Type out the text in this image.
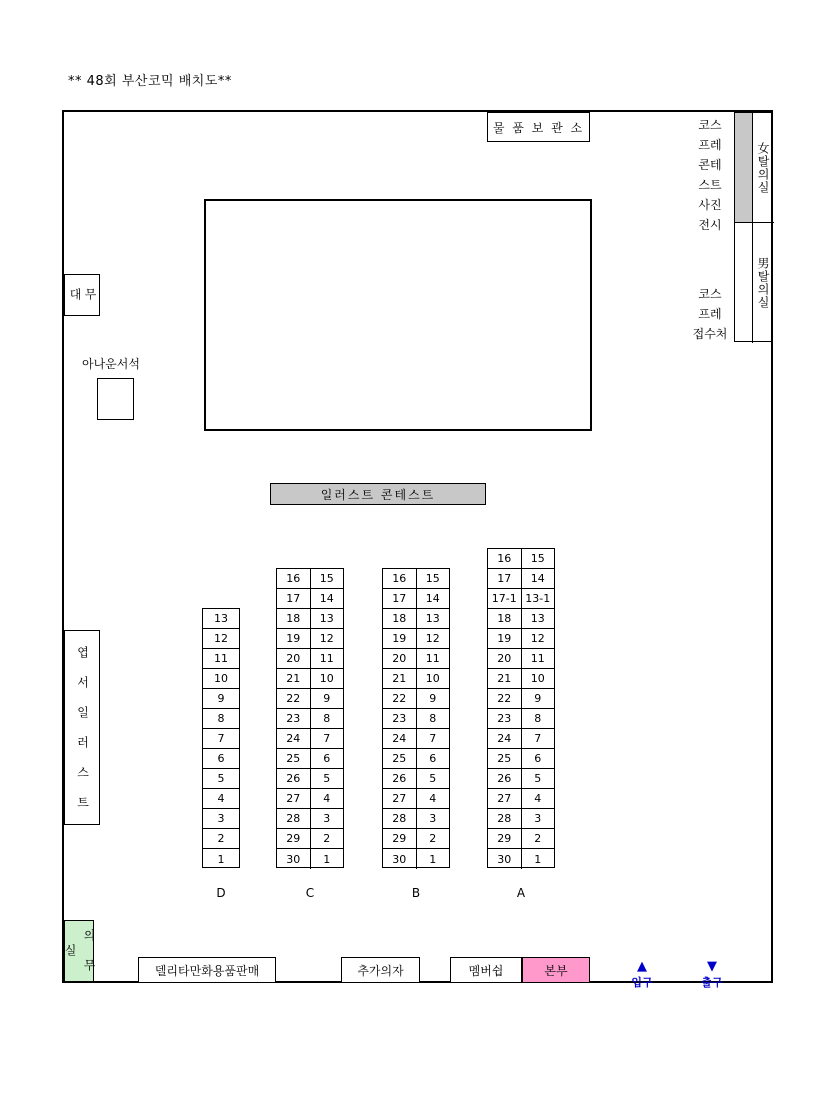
** 48회 부산코믹 배치도**
물 품 보 관 소
무 대
아나운서석
일러스트 콘테스트
엽 서 일 러 스 트
의 무 실
델리타만화용품판매	추가의자	멤버쉽	본부
코스
프레
콘테
스트
사진
전시
코스
프레
접수처
女탈의실
男탈의실
13
12
11
10
9
8
7
6
5
4
3
2
1
D
16	15
17	14
18	13
19	12
20	11
21	10
22	9
23	8
24	7
25	6
26	5
27	4
28	3
29	2
30	1
C
16	15
17	14
18	13
19	12
20	11
21	10
22	9
23	8
24	7
25	6
26	5
27	4
28	3
29	2
30	1
B
16	15
17	14
17-1 13-1
18	13
19	12
20	11
21	10
22	9
23	8
24	7
25	6
26	5
27	4
28	3
29	2
30	1
A
▲
입구
▼
출구
